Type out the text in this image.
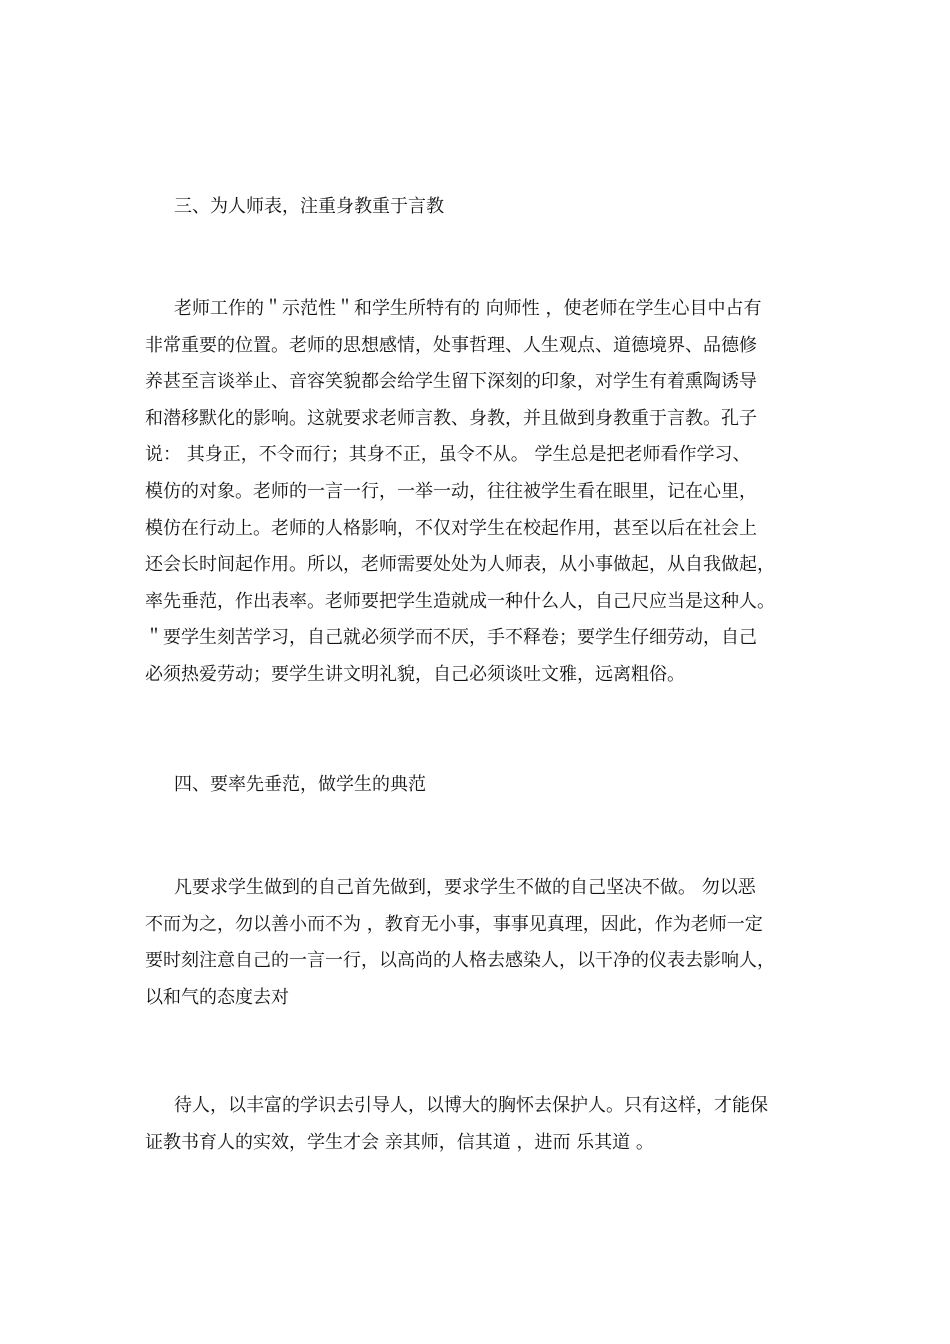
三、为人师表，注重身教重于言教
老师工作的＂示范性＂和学生所特有的 向师性 ，使老师在学生心目中占有
非常重要的位置。老师的思想感情，处事哲理、人生观点、道德境界、品德修
养甚至言谈举止、音容笑貌都会给学生留下深刻的印象，对学生有着熏陶诱导
和潜移默化的影响。这就要求老师言教、身教，并且做到身教重于言教。孔子
说： 其身正，不令而行；其身不正，虽令不从。 学生总是把老师看作学习、
模仿的对象。老师的一言一行，一举一动，往往被学生看在眼里，记在心里，
模仿在行动上。老师的人格影响，不仅对学生在校起作用，甚至以后在社会上
还会长时间起作用。所以，老师需要处处为人师表，从小事做起，从自我做起，
率先垂范，作出表率。老师要把学生造就成一种什么人，自己尺应当是这种人。
＂要学生刻苦学习，自己就必须学而不厌，手不释卷；要学生仔细劳动，自己
必须热爱劳动；要学生讲文明礼貌，自己必须谈吐文雅，远离粗俗。
四、要率先垂范，做学生的典范
凡要求学生做到的自己首先做到，要求学生不做的自己坚决不做。 勿以恶
不而为之，勿以善小而不为 ，教育无小事，事事见真理，因此，作为老师一定
要时刻注意自己的一言一行，以高尚的人格去感染人，以干净的仪表去影响人，
以和气的态度去对
待人，以丰富的学识去引导人，以博大的胸怀去保护人。只有这样，才能保
证教书育人的实效，学生才会 亲其师，信其道 ，进而 乐其道 。
